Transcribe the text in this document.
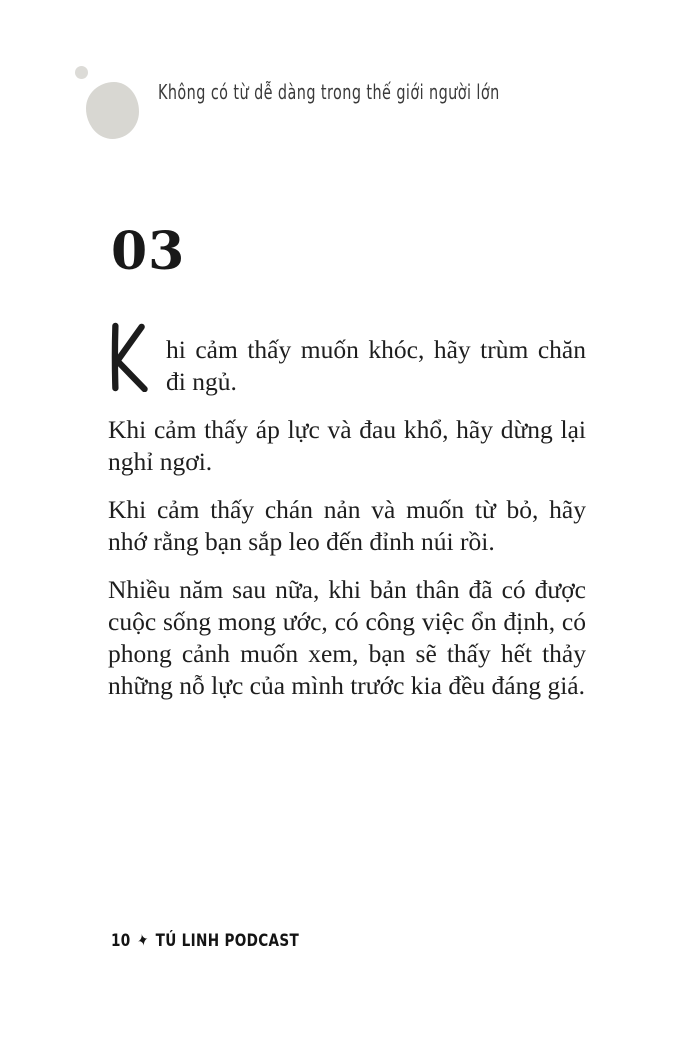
Không có từ dễ dàng trong thế giới người lớn
03

hi cảm thấy muốn khóc, hãy trùm chăn đi ngủ.

Khi cảm thấy áp lực và đau khổ, hãy dừng lại nghỉ ngơi.

Khi cảm thấy chán nản và muốn từ bỏ, hãy nhớ rằng bạn sắp leo đến đỉnh núi rồi.

Nhiều năm sau nữa, khi bản thân đã có được cuộc sống mong ước, có công việc ổn định, có phong cảnh muốn xem, bạn sẽ thấy hết thảy những nỗ lực của mình trước kia đều đáng giá.

10 ✦ TÚ LINH PODCAST
